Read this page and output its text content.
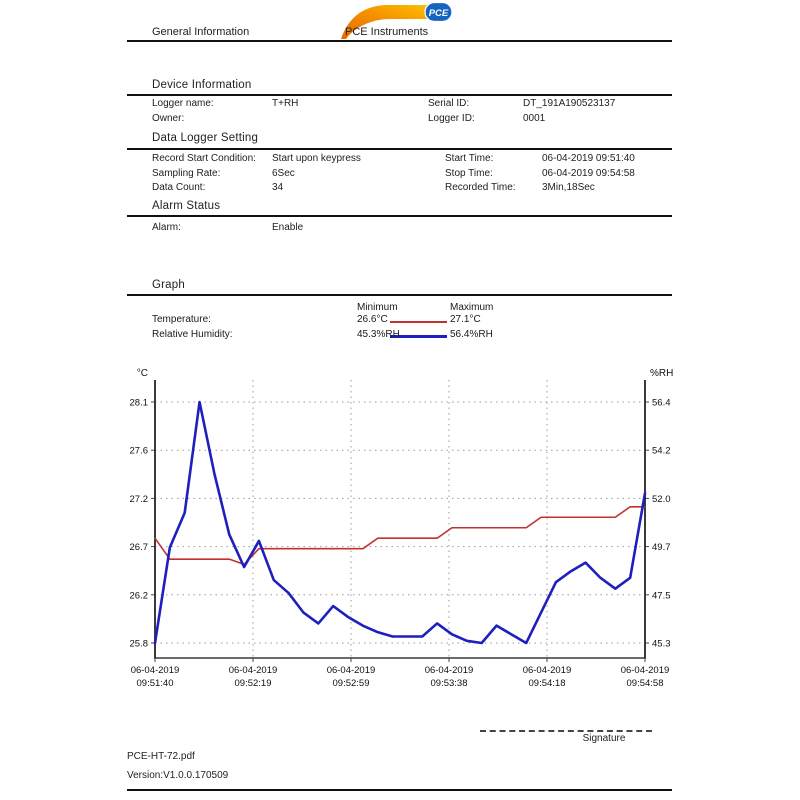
General Information
PCE
PCE Instruments
Device Information
Logger name:	T+RH	Serial ID:	DT_191A190523137
Owner:	Logger ID:	0001
Data Logger Setting
Record Start Condition: Start upon keypress	Start Time:	06-04-2019 09:51:40
Sampling Rate:	6Sec	Stop Time:	06-04-2019 09:54:58
Data Count:	34	Recorded Time:	3Min,18Sec
Alarm Status
Alarm:	Enable
Graph
Minimum	Maximum
Temperature:	26.6°C	27.1°C
Relative Humidity:	45.3%RH	56.4%RH
28.1	56.4
27.6	54.2
27.2	52.0
26.7	49.7
26.2	47.5
25.8	45.3
06-04-2019
09:51:40
06-04-2019
09:52:19
06-04-2019
09:52:59
06-04-2019
09:53:38
06-04-2019
09:54:18
06-04-2019
09:54:58
°C	%RH
Signature
PCE-HT-72.pdf
Version:V1.0.0.170509
